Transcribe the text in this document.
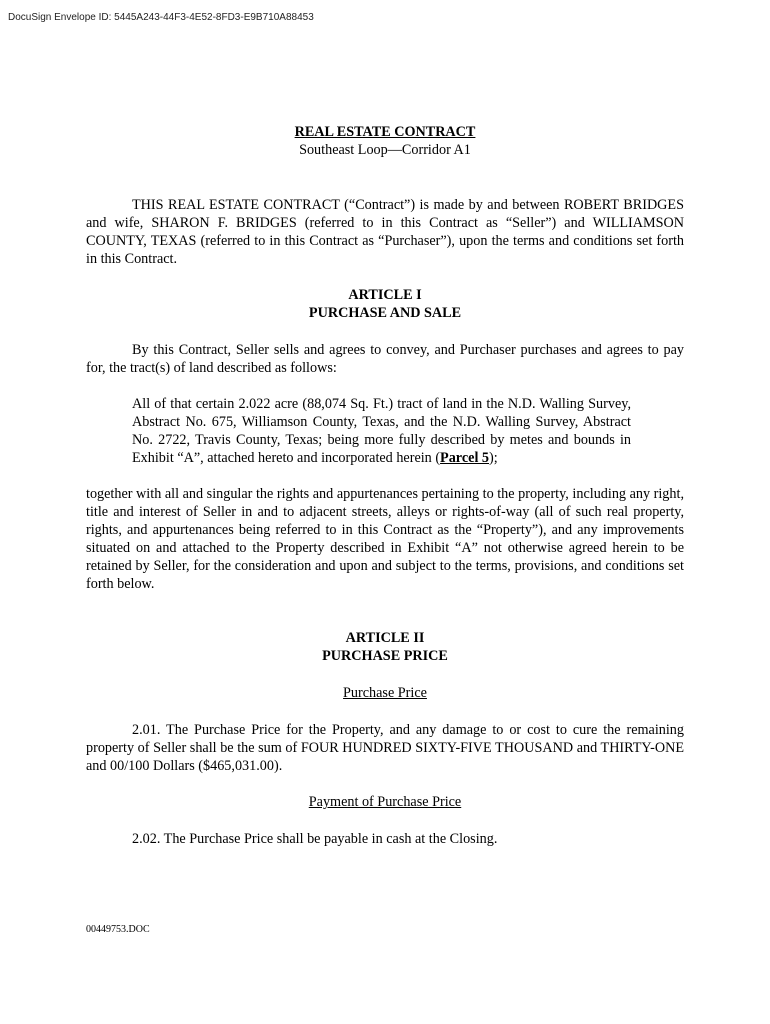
DocuSign Envelope ID: 5445A243-44F3-4E52-8FD3-E9B710A88453
REAL ESTATE CONTRACT
Southeast Loop—Corridor A1

THIS REAL ESTATE CONTRACT (“Contract”) is made by and between ROBERT BRIDGES and wife, SHARON F. BRIDGES (referred to in this Contract as “Seller”) and WILLIAMSON COUNTY, TEXAS (referred to in this Contract as “Purchaser”), upon the terms and conditions set forth in this Contract.

ARTICLE I
PURCHASE AND SALE

By this Contract, Seller sells and agrees to convey, and Purchaser purchases and agrees to pay for, the tract(s) of land described as follows:

All of that certain 2.022 acre (88,074 Sq. Ft.) tract of land in the N.D. Walling Survey, Abstract No. 675, Williamson County, Texas, and the N.D. Walling Survey, Abstract No. 2722, Travis County, Texas; being more fully described by metes and bounds in Exhibit “A”, attached hereto and incorporated herein (Parcel 5);

together with all and singular the rights and appurtenances pertaining to the property, including any right, title and interest of Seller in and to adjacent streets, alleys or rights-of-way (all of such real property, rights, and appurtenances being referred to in this Contract as the “Property”), and any improvements situated on and attached to the Property described in Exhibit “A” not otherwise agreed herein to be retained by Seller, for the consideration and upon and subject to the terms, provisions, and conditions set forth below.

ARTICLE II
PURCHASE PRICE
Purchase Price

2.01. The Purchase Price for the Property, and any damage to or cost to cure the remaining property of Seller shall be the sum of FOUR HUNDRED SIXTY-FIVE THOUSAND and THIRTY-ONE and 00/100 Dollars ($465,031.00).

Payment of Purchase Price

2.02. The Purchase Price shall be payable in cash at the Closing.

00449753.DOC
